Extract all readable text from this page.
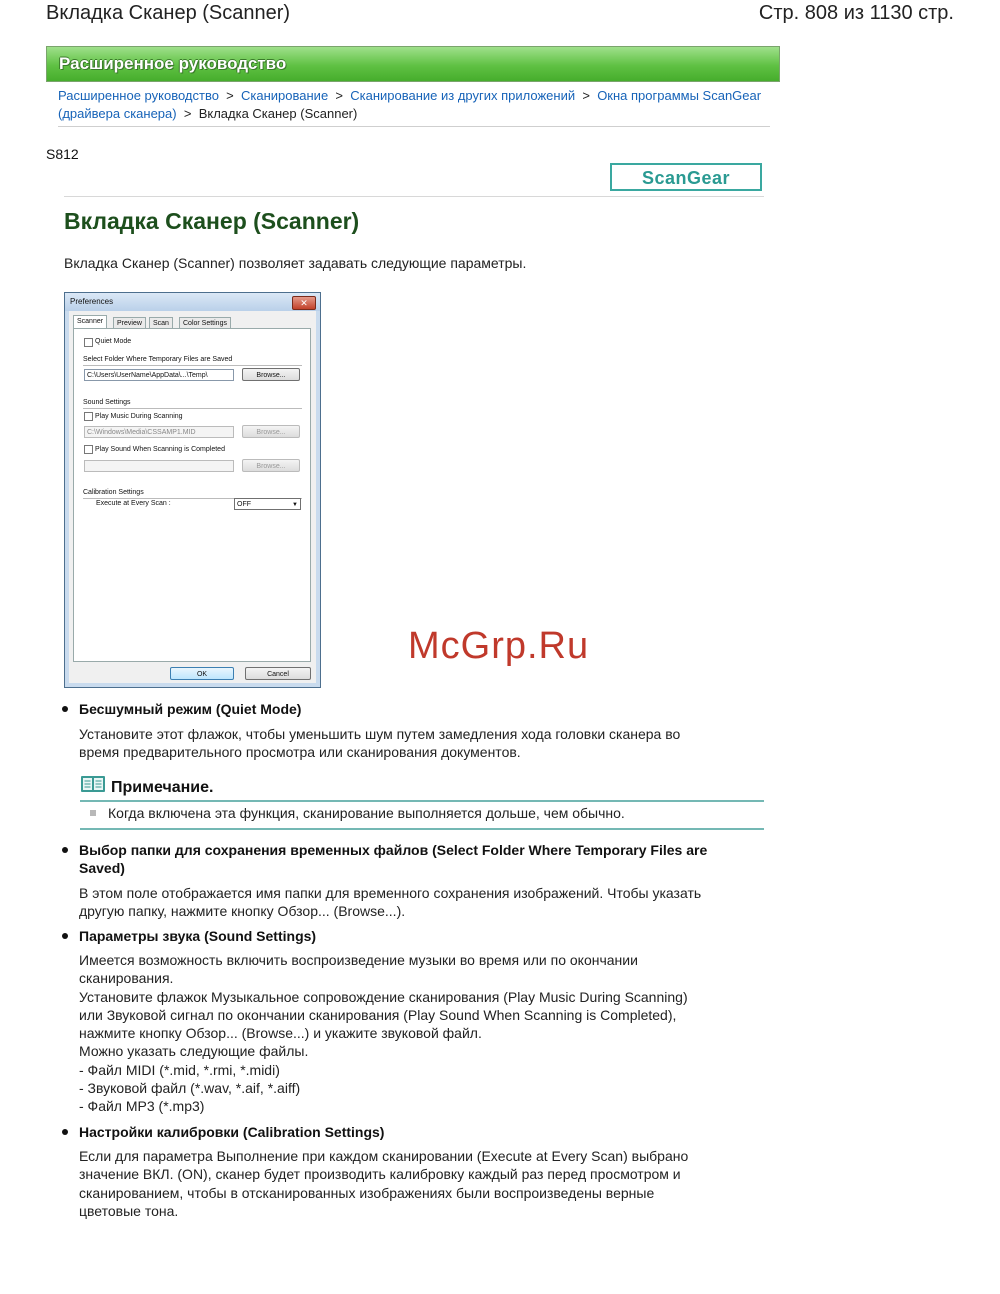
Вкладка Сканер (Scanner)	Стр. 808 из 1130 стр.
Расширенное руководство
Расширенное руководство  >  Сканирование  >  Сканирование из других приложений  >  Окна программы ScanGear (драйвера сканера)  >  Вкладка Сканер (Scanner)
S812
ScanGear
Вкладка Сканер (Scanner)
Вкладка Сканер (Scanner) позволяет задавать следующие параметры.
Preferences	✕
Scanner	Preview	Scan	Color Settings
Quiet Mode
Select Folder Where Temporary Files are Saved
C:\Users\UserName\AppData\...\Temp\	Browse...
Sound Settings
Play Music During Scanning
C:\Windows\Media\CSSAMP1.MID	Browse...
Play Sound When Scanning is Completed
Browse...
Calibration Settings
Execute at Every Scan :	OFF	▼
OK	Cancel
McGrp.Ru
Бесшумный режим (Quiet Mode)
Установите этот флажок, чтобы уменьшить шум путем замедления хода головки сканера во
время предварительного просмотра или сканирования документов.
Примечание.
Когда включена эта функция, сканирование выполняется дольше, чем обычно.
Выбор папки для сохранения временных файлов (Select Folder Where Temporary Files are
Saved)
В этом поле отображается имя папки для временного сохранения изображений. Чтобы указать
другую папку, нажмите кнопку Обзор... (Browse...).
Параметры звука (Sound Settings)
Имеется возможность включить воспроизведение музыки во время или по окончании
сканирования.
Установите флажок Музыкальное сопровождение сканирования (Play Music During Scanning)
или Звуковой сигнал по окончании сканирования (Play Sound When Scanning is Completed),
нажмите кнопку Обзор... (Browse...) и укажите звуковой файл.
Можно указать следующие файлы.
- Файл MIDI (*.mid, *.rmi, *.midi)
- Звуковой файл (*.wav, *.aif, *.aiff)
- Файл MP3 (*.mp3)
Настройки калибровки (Calibration Settings)
Если для параметра Выполнение при каждом сканировании (Execute at Every Scan) выбрано
значение ВКЛ. (ON), сканер будет производить калибровку каждый раз перед просмотром и
сканированием, чтобы в отсканированных изображениях были воспроизведены верные
цветовые тона.
